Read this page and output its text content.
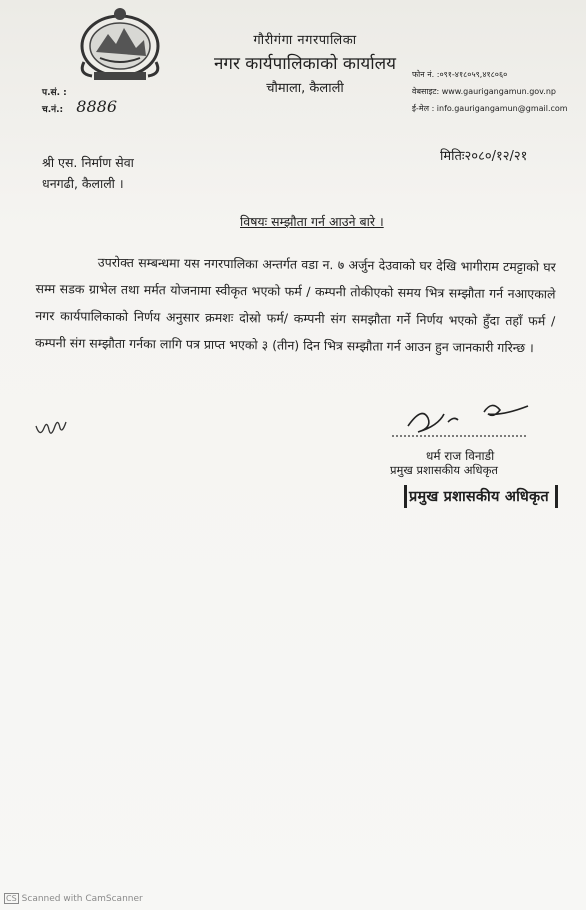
गौरीगंगा नगरपालिका
नगर कार्यपालिकाको कार्यालय
चौमाला, कैलाली
फोन नं. :०९१-४१८०५९,४१८०६०
वेबसाइट: www.gaurigangamun.gov.np
ई-मेल : info.gaurigangamun@gmail.com
प.सं. :
च.नं.: 8886
मितिः२०८०/१२/२१
श्री एस. निर्माण सेवा
धनगढी, कैलाली ।
विषयः सम्झौता गर्न आउने बारे ।
उपरोक्त सम्बन्धमा यस नगरपालिका अन्तर्गत वडा न. ७ अर्जुन देउवाको घर देखि भागीराम टमट्टाको घर सम्म सडक ग्राभेल तथा मर्मत योजनामा स्वीकृत भएको फर्म / कम्पनी तोकीएको समय भित्र सम्झौता गर्न नआएकाले नगर कार्यपालिकाको निर्णय अनुसार क्रमशः दोस्रो फर्म/ कम्पनी संग समझौता गर्ने निर्णय भएको हुँदा तहाँ फर्म / कम्पनी संग सम्झौता गर्नका लागि पत्र प्राप्त भएको ३ (तीन) दिन भित्र सम्झौता गर्न आउन हुन जानकारी गरिन्छ ।
धर्म राज विनाडी
प्रमुख प्रशासकीय अधिकृत
प्रमुख प्रशासकीय अधिकृत
CS Scanned with CamScanner
